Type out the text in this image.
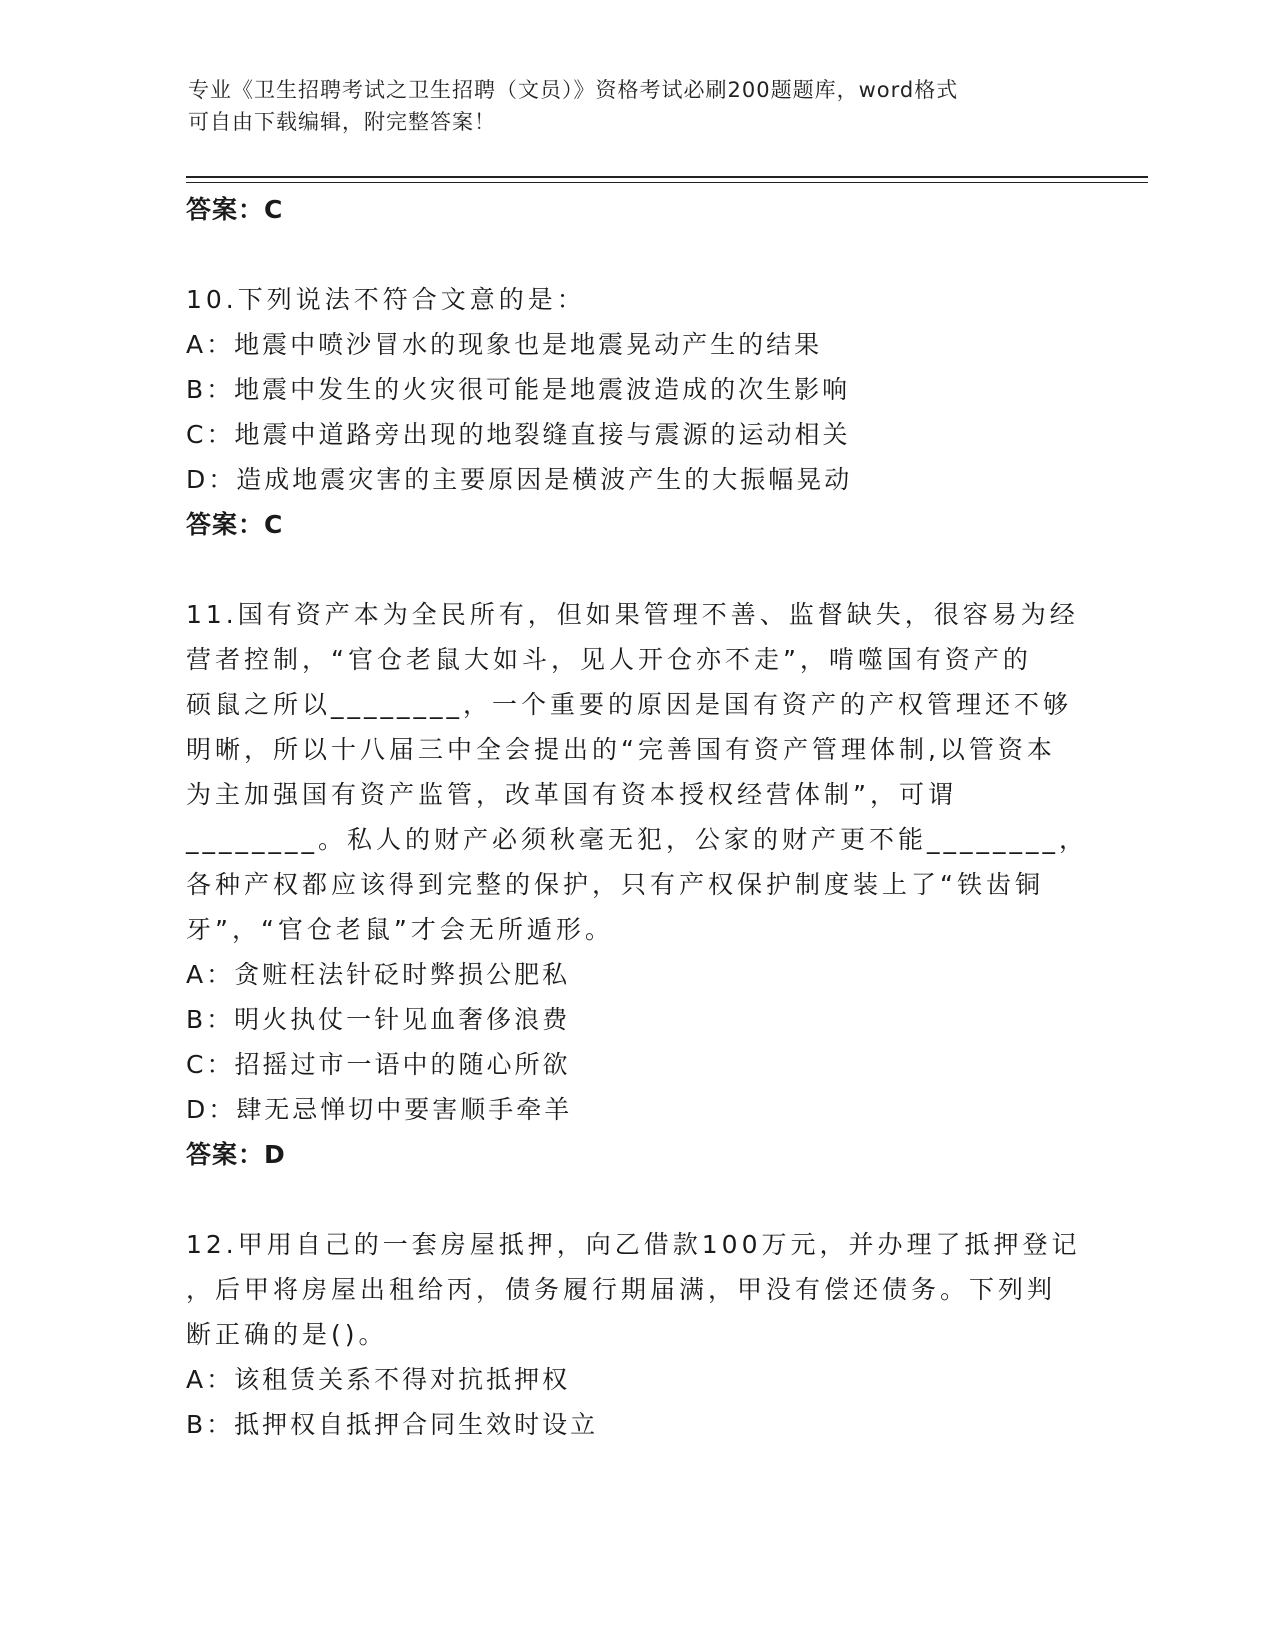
专业《卫生招聘考试之卫生招聘（文员）》资格考试必刷200题题库，word格式
可自由下载编辑，附完整答案！
答案：C
10.下列说法不符合文意的是：
A：地震中喷沙冒水的现象也是地震晃动产生的结果
B：地震中发生的火灾很可能是地震波造成的次生影响
C：地震中道路旁出现的地裂缝直接与震源的运动相关
D：造成地震灾害的主要原因是横波产生的大振幅晃动
答案：C
11.国有资产本为全民所有，但如果管理不善、监督缺失，很容易为经
营者控制，“官仓老鼠大如斗，见人开仓亦不走”，啃噬国有资产的
硕鼠之所以________，一个重要的原因是国有资产的产权管理还不够
明晰，所以十八届三中全会提出的“完善国有资产管理体制,以管资本
为主加强国有资产监管，改革国有资本授权经营体制”，可谓
________。私人的财产必须秋毫无犯，公家的财产更不能________，
各种产权都应该得到完整的保护，只有产权保护制度装上了“铁齿铜
牙”，“官仓老鼠”才会无所遁形。
A：贪赃枉法针砭时弊损公肥私
B：明火执仗一针见血奢侈浪费
C：招摇过市一语中的随心所欲
D：肆无忌惮切中要害顺手牵羊
答案：D
12.甲用自己的一套房屋抵押，向乙借款100万元，并办理了抵押登记
，后甲将房屋出租给丙，债务履行期届满，甲没有偿还债务。下列判
断正确的是()。
A：该租赁关系不得对抗抵押权
B：抵押权自抵押合同生效时设立
